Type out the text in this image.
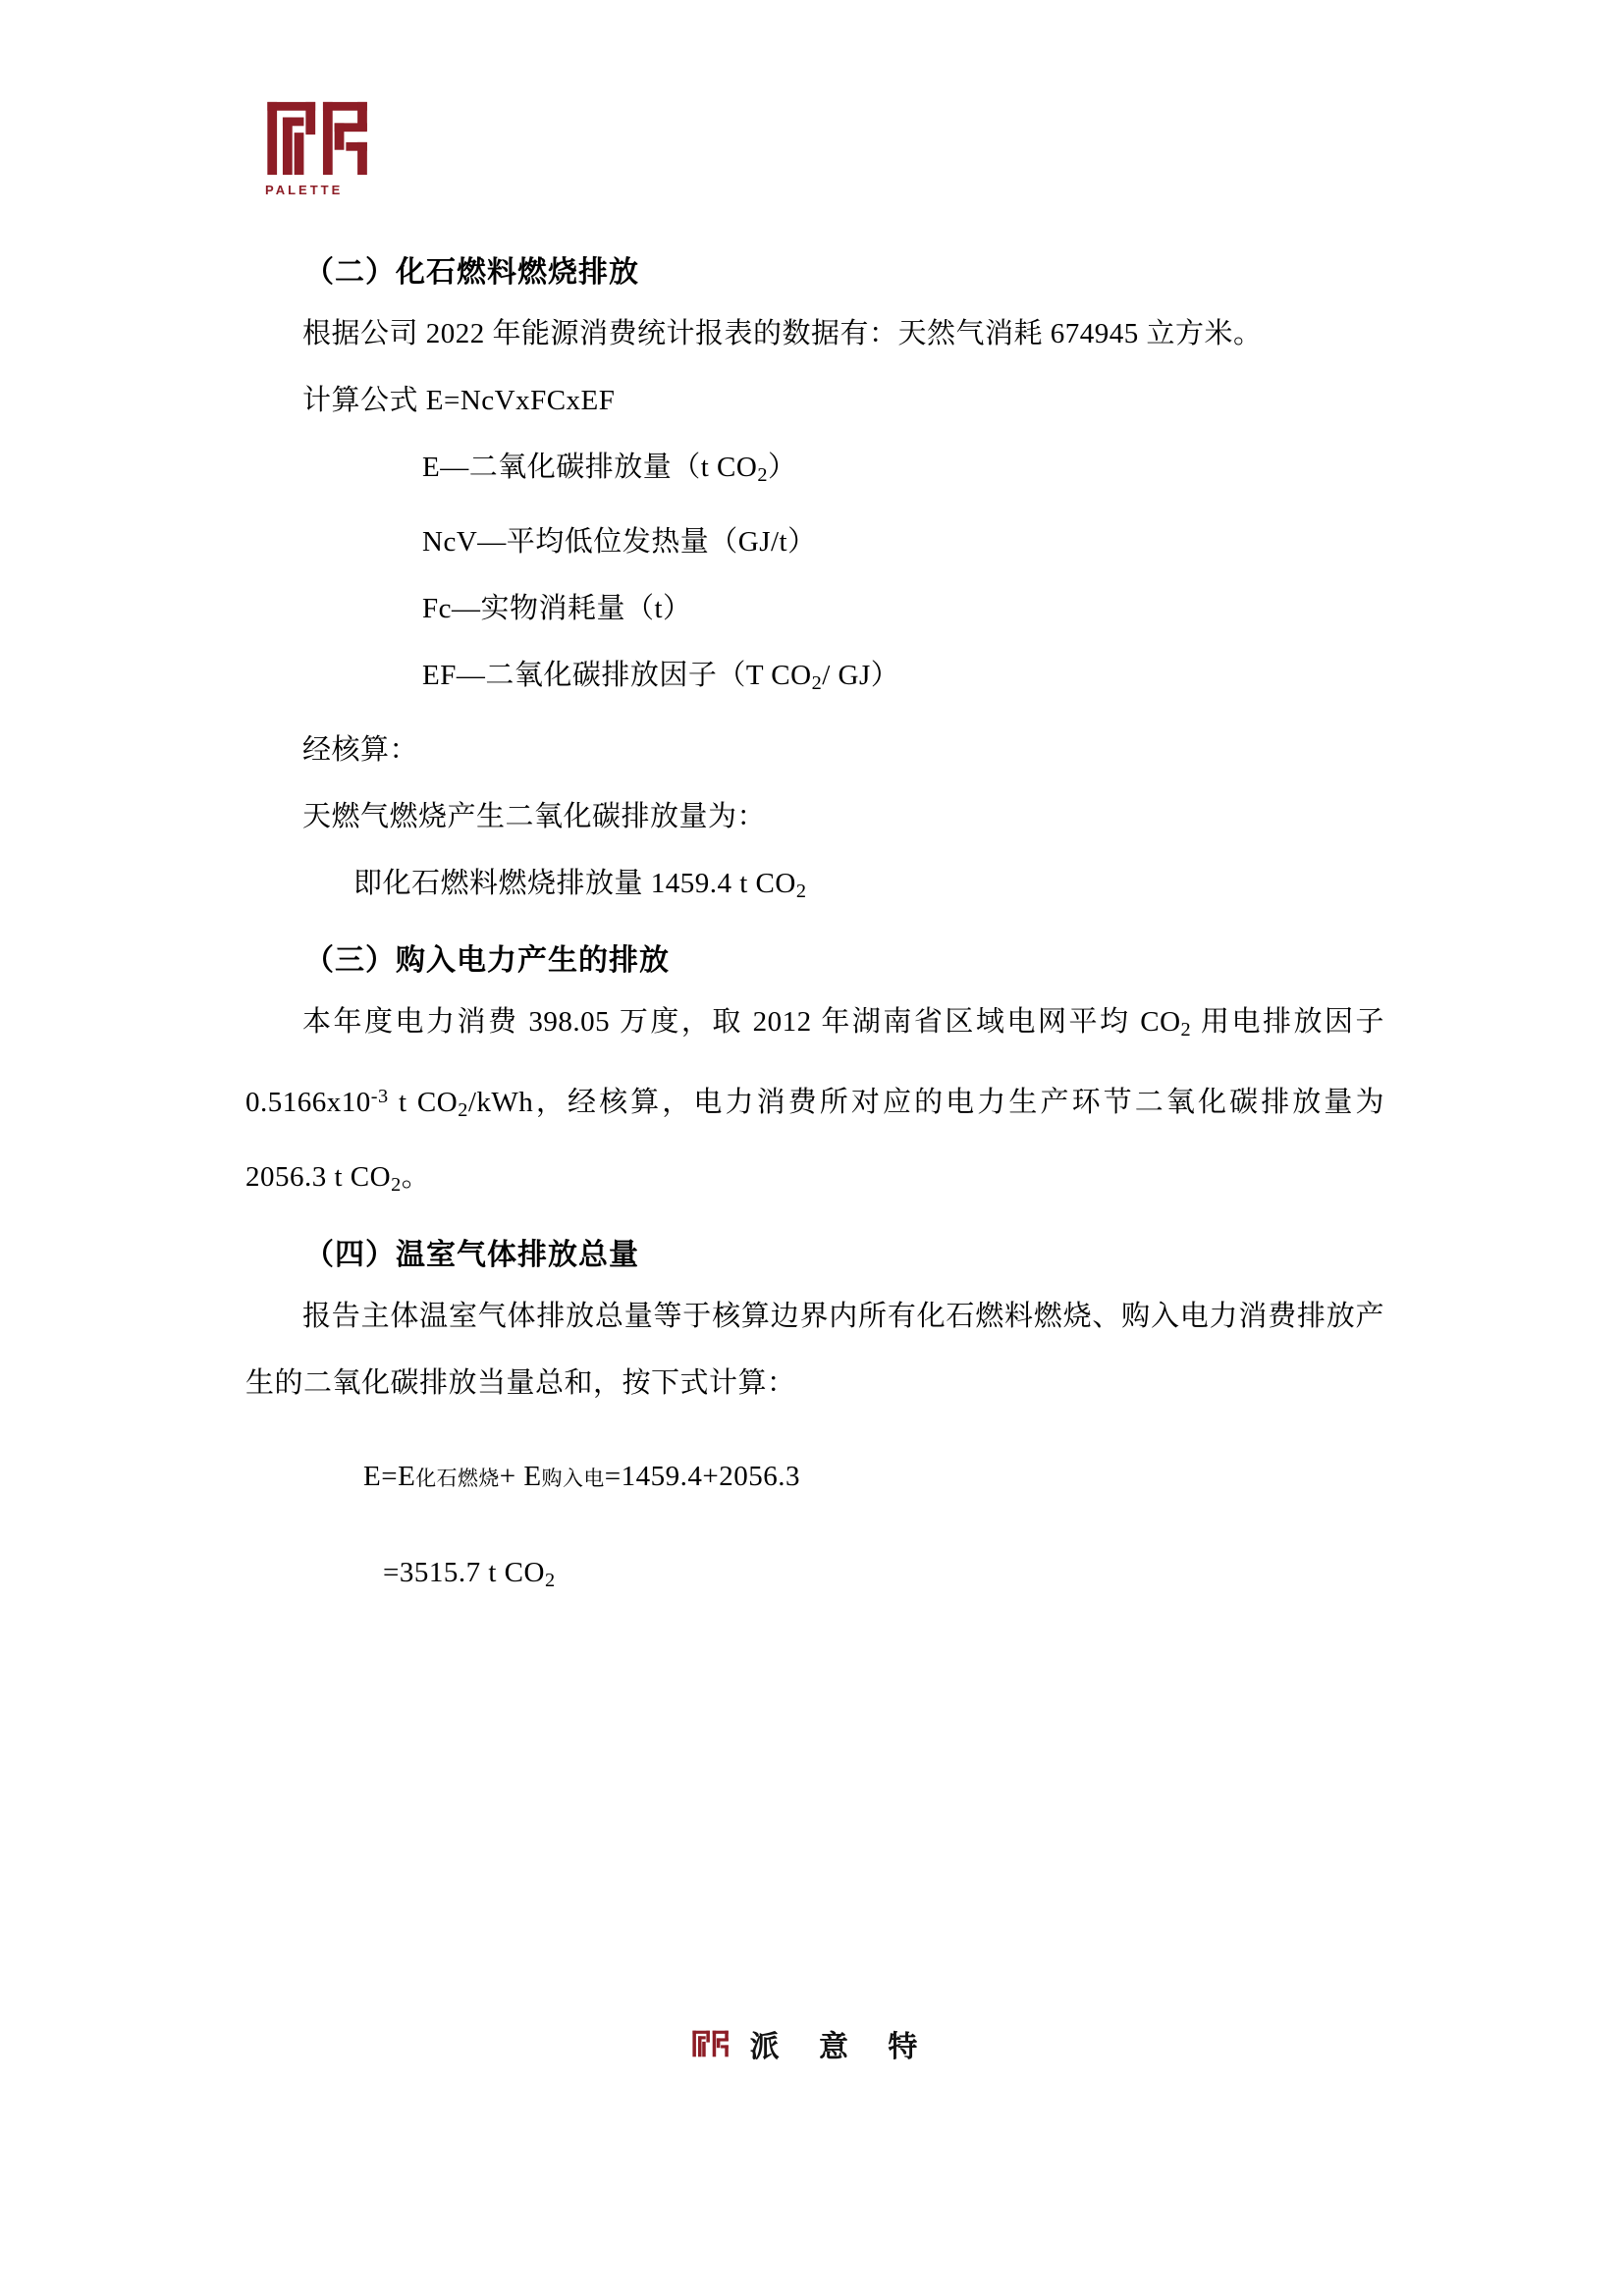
PALETTE
（二）化石燃料燃烧排放

根据公司 2022 年能源消费统计报表的数据有：天然气消耗 674945 立方米。

计算公式 E=NcVxFCxEF

E—二氧化碳排放量（t $CO_2$）

NcV—平均低位发热量（GJ/t）

Fc—实物消耗量（t）

EF—二氧化碳排放因子（T $CO_2/$ GJ）

经核算：

天燃气燃烧产生二氧化碳排放量为：

即化石燃料燃烧排放量 1459.4 t $CO_2$

（三）购入电力产生的排放

本年度电力消费 398.05 万度，取 2012 年湖南省区域电网平均 $CO_2$ 用电排放因子 $0.5166x10^{-3}$ t $CO_2$/kWh，经核算，电力消费所对应的电力生产环节二氧化碳排放量为 2056.3 t $CO_2$。

（四）温室气体排放总量

报告主体温室气体排放总量等于核算边界内所有化石燃料燃烧、购入电力消费排放产生的二氧化碳排放当量总和，按下式计算：

E=E化石燃烧+ E购入电=1459.4+2056.3

=3515.7 t $CO_2$

派 意 特
